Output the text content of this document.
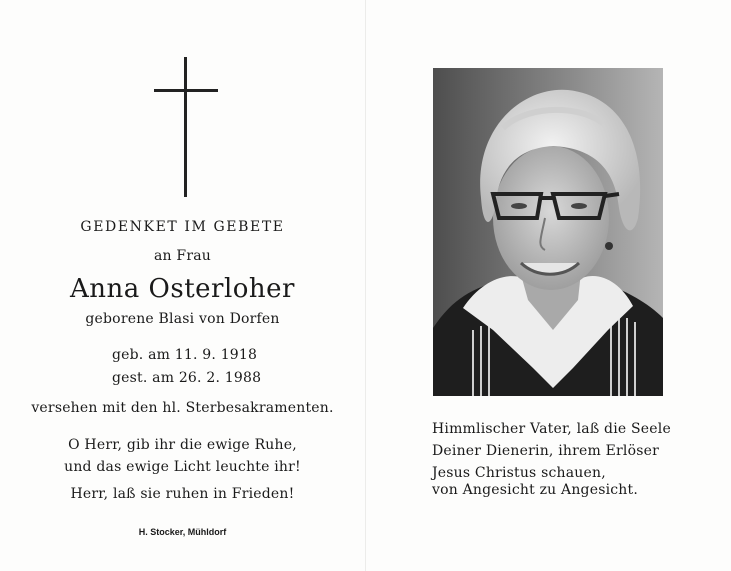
GEDENKET IM GEBETE
an Frau
Anna Osterloher
geborene Blasi von Dorfen
geb. am 11. 9. 1918
gest. am 26. 2. 1988
versehen mit den hl. Sterbesakramenten.
O Herr, gib ihr die ewige Ruhe,
und das ewige Licht leuchte ihr!
Herr, laß sie ruhen in Frieden!
H. Stocker, Mühldorf
Himmlischer Vater, laß die Seele
Deiner Dienerin, ihrem Erlöser
Jesus Christus schauen,
von Angesicht zu Angesicht.
